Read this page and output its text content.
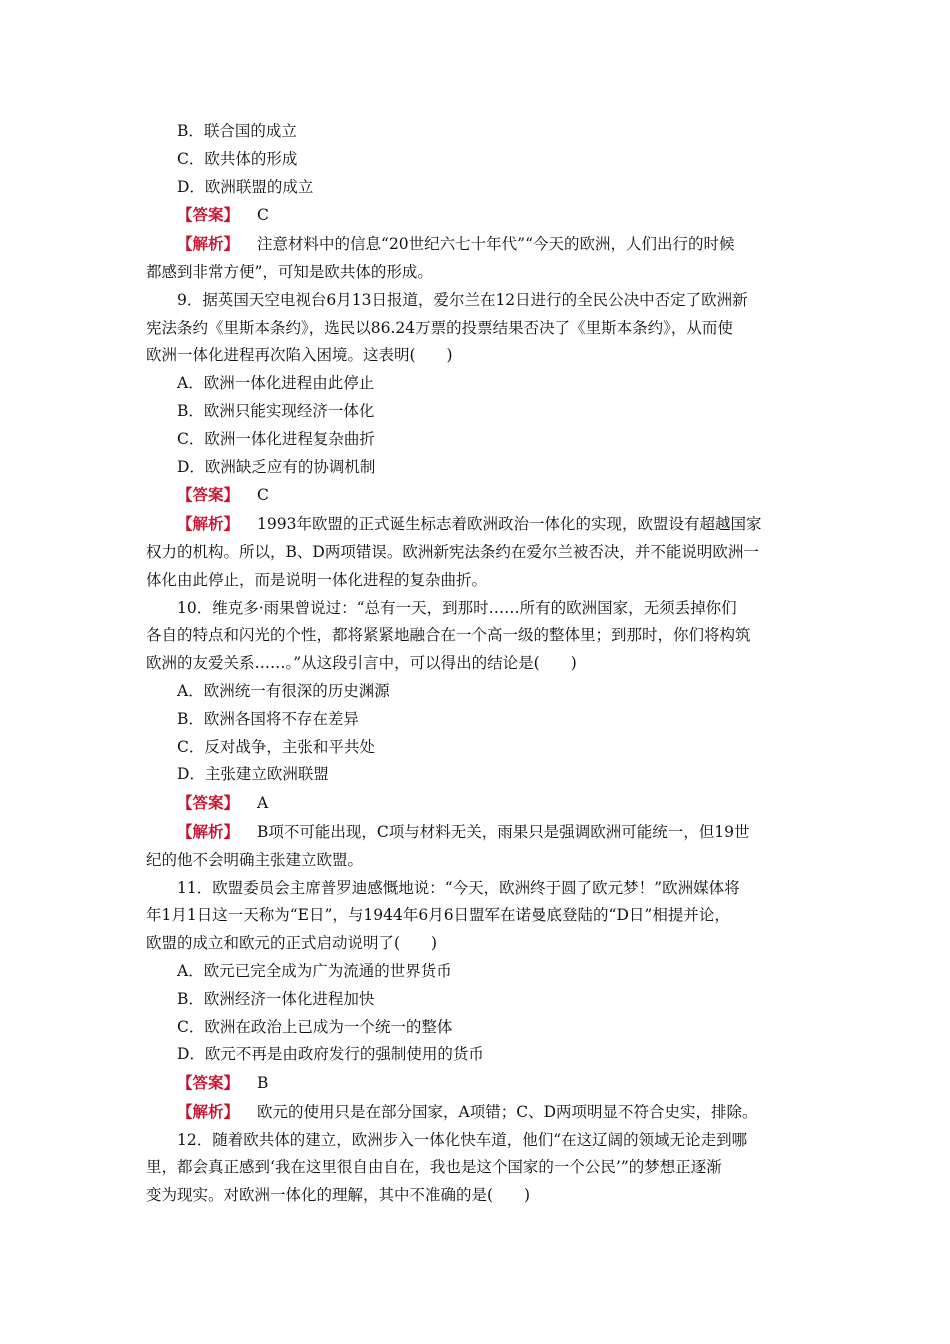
B．联合国的成立
C．欧共体的形成
D．欧洲联盟的成立
【答案】 C
【解析】 注意材料中的信息“20世纪六七十年代”“今天的欧洲，人们出行的时候
都感到非常方便”，可知是欧共体的形成。
9．据英国天空电视台6月13日报道，爱尔兰在12日进行的全民公决中否定了欧洲新
宪法条约《里斯本条约》，选民以86.24万票的投票结果否决了《里斯本条约》，从而使
欧洲一体化进程再次陷入困境。这表明(　　)
A．欧洲一体化进程由此停止
B．欧洲只能实现经济一体化
C．欧洲一体化进程复杂曲折
D．欧洲缺乏应有的协调机制
【答案】 C
【解析】 1993年欧盟的正式诞生标志着欧洲政治一体化的实现，欧盟设有超越国家
权力的机构。所以，B、D两项错误。欧洲新宪法条约在爱尔兰被否决，并不能说明欧洲一
体化由此停止，而是说明一体化进程的复杂曲折。
10．维克多·雨果曾说过：“总有一天，到那时……所有的欧洲国家，无须丢掉你们
各自的特点和闪光的个性，都将紧紧地融合在一个高一级的整体里；到那时，你们将构筑
欧洲的友爱关系……。”从这段引言中，可以得出的结论是(　　)
A．欧洲统一有很深的历史渊源
B．欧洲各国将不存在差异
C．反对战争，主张和平共处
D．主张建立欧洲联盟
【答案】 A
【解析】 B项不可能出现，C项与材料无关，雨果只是强调欧洲可能统一，但19世
纪的他不会明确主张建立欧盟。
11．欧盟委员会主席普罗迪感慨地说：“今天，欧洲终于圆了欧元梦！”欧洲媒体将
年1月1日这一天称为“E日”，与1944年6月6日盟军在诺曼底登陆的“D日”相提并论，
欧盟的成立和欧元的正式启动说明了(　　)
A．欧元已完全成为广为流通的世界货币
B．欧洲经济一体化进程加快
C．欧洲在政治上已成为一个统一的整体
D．欧元不再是由政府发行的强制使用的货币
【答案】 B
【解析】 欧元的使用只是在部分国家，A项错；C、D两项明显不符合史实，排除。
12．随着欧共体的建立，欧洲步入一体化快车道，他们“在这辽阔的领域无论走到哪
里，都会真正感到‘我在这里很自由自在，我也是这个国家的一个公民’”的梦想正逐渐
变为现实。对欧洲一体化的理解，其中不准确的是(　　)
